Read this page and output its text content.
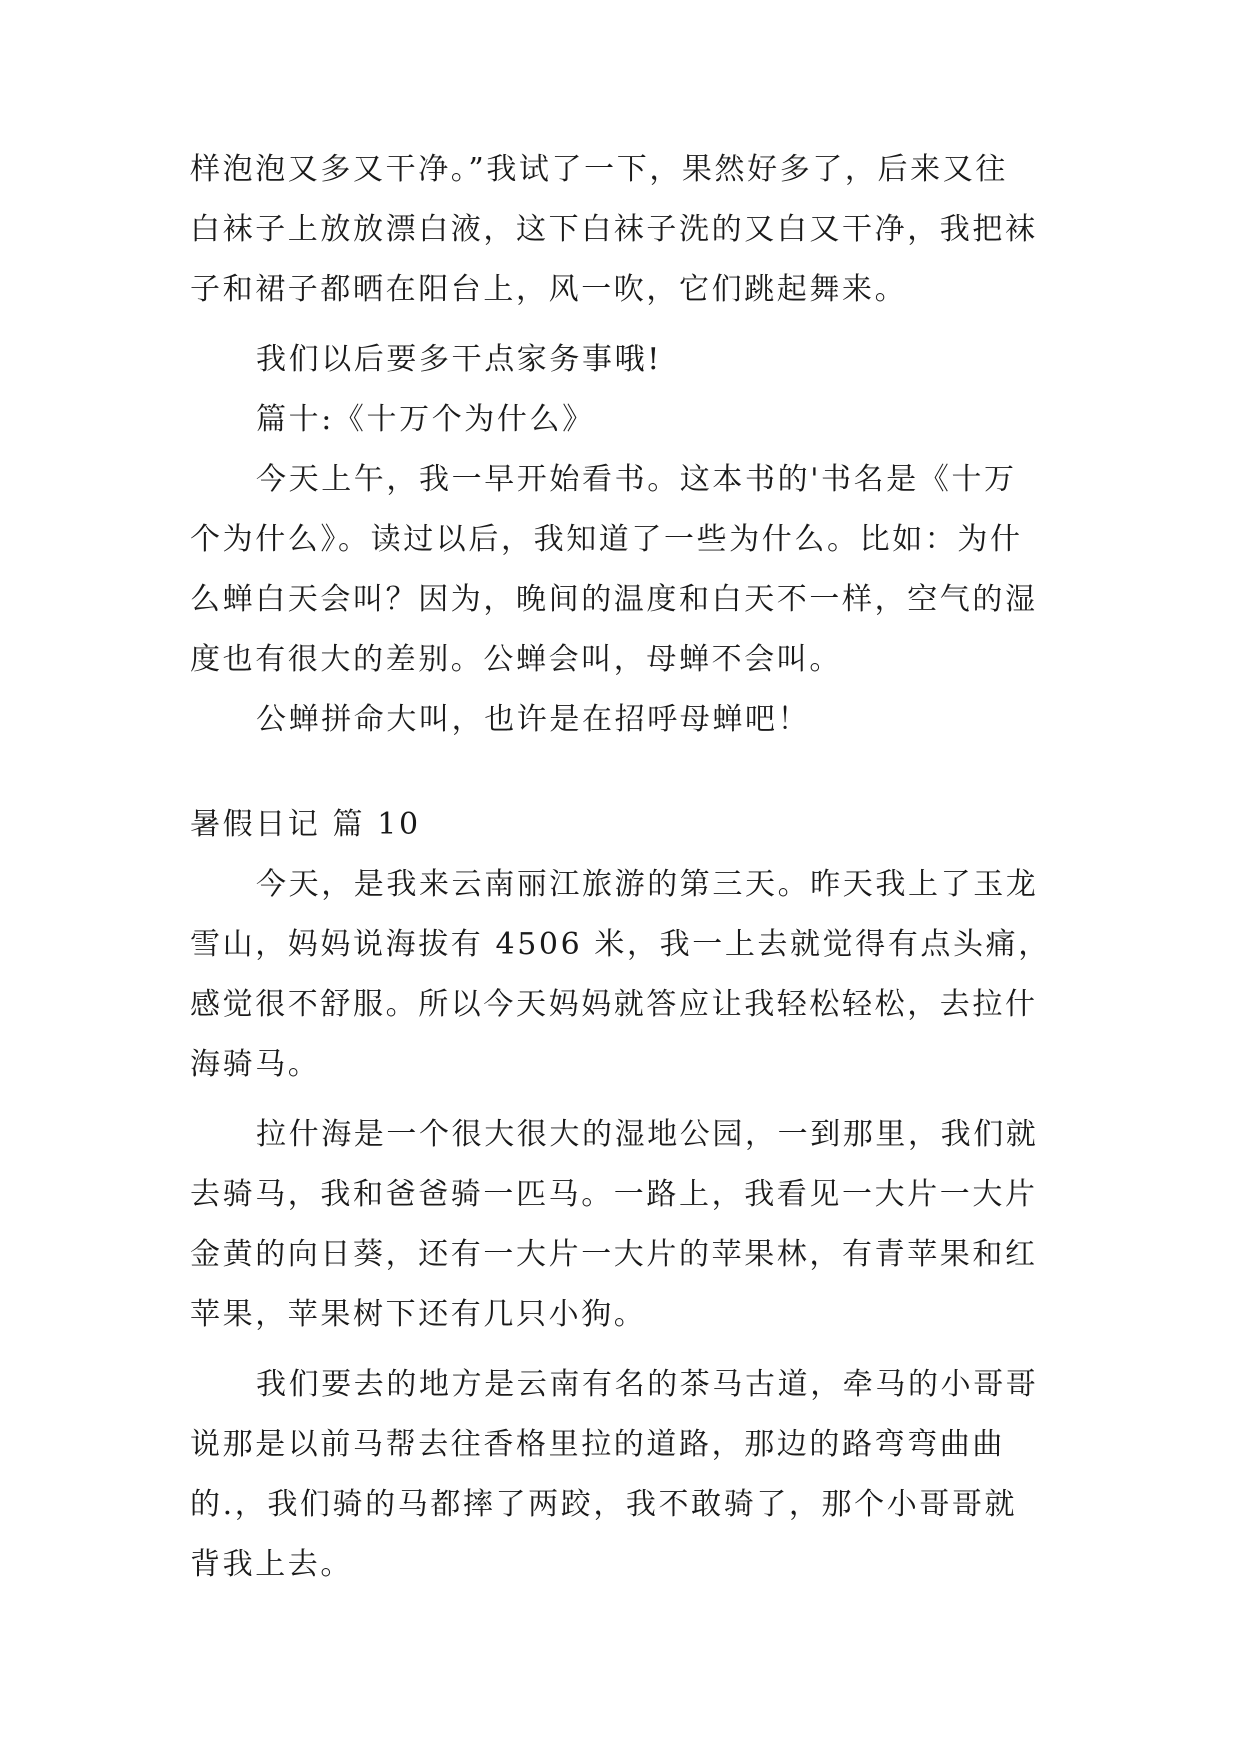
样泡泡又多又干净。”我试了一下，果然好多了，后来又往
白袜子上放放漂白液，这下白袜子洗的又白又干净，我把袜
子和裙子都晒在阳台上，风一吹，它们跳起舞来。
我们以后要多干点家务事哦!
篇十:《十万个为什么》
今天上午，我一早开始看书。这本书的'书名是《十万
个为什么》。读过以后，我知道了一些为什么。比如：为什
么蝉白天会叫？因为，晚间的温度和白天不一样，空气的湿
度也有很大的差别。公蝉会叫，母蝉不会叫。
公蝉拼命大叫，也许是在招呼母蝉吧！
暑假日记 篇 10
今天，是我来云南丽江旅游的第三天。昨天我上了玉龙
雪山，妈妈说海拔有 4506 米，我一上去就觉得有点头痛，
感觉很不舒服。所以今天妈妈就答应让我轻松轻松，去拉什
海骑马。
拉什海是一个很大很大的湿地公园，一到那里，我们就
去骑马，我和爸爸骑一匹马。一路上，我看见一大片一大片
金黄的向日葵，还有一大片一大片的苹果林，有青苹果和红
苹果，苹果树下还有几只小狗。
我们要去的地方是云南有名的茶马古道，牵马的小哥哥
说那是以前马帮去往香格里拉的道路，那边的路弯弯曲曲
的.，我们骑的马都摔了两跤，我不敢骑了，那个小哥哥就
背我上去。
